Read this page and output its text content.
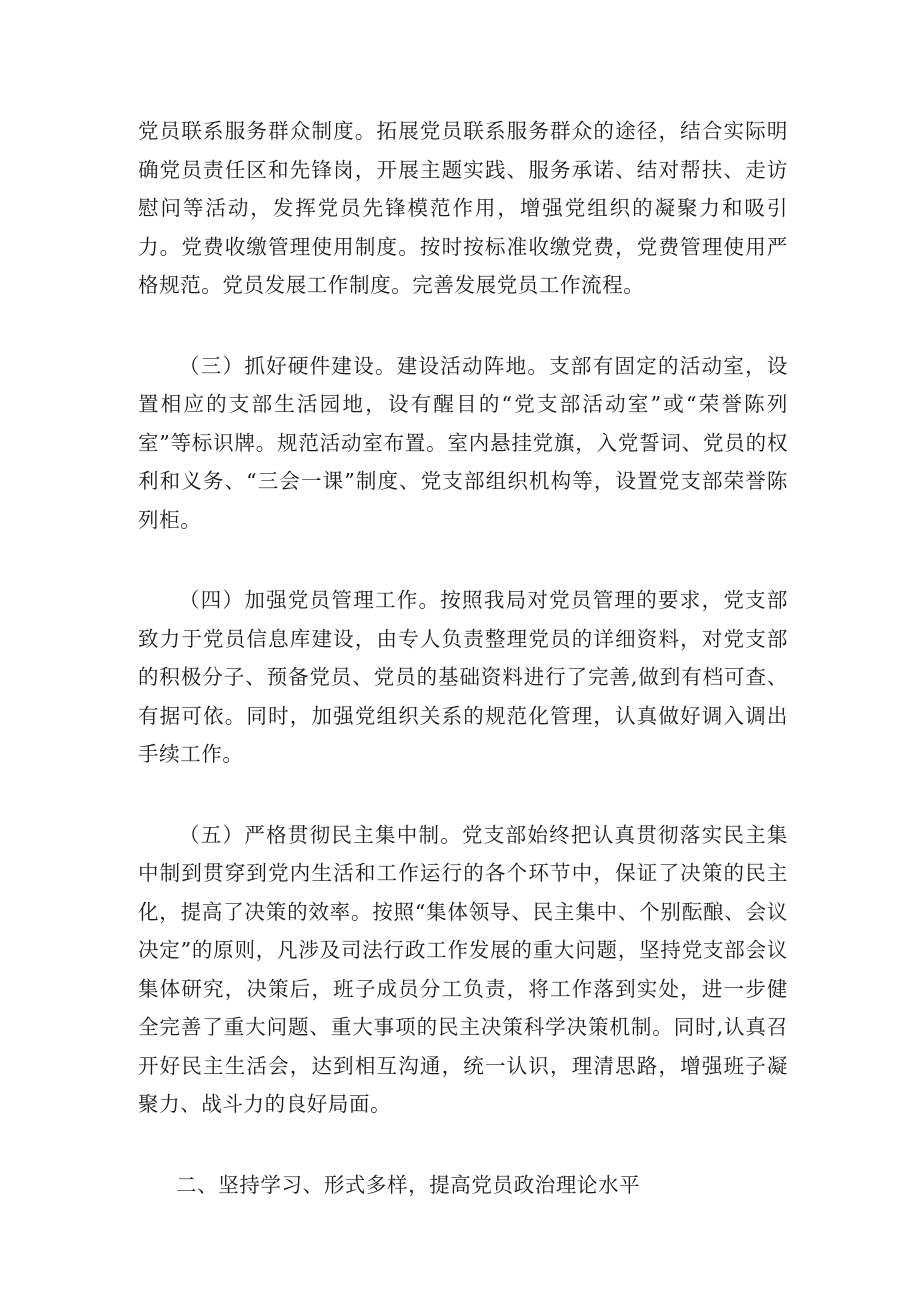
党员联系服务群众制度。拓展党员联系服务群众的途径，结合实际明确党员责任区和先锋岗，开展主题实践、服务承诺、结对帮扶、走访慰问等活动，发挥党员先锋模范作用，增强党组织的凝聚力和吸引力。党费收缴管理使用制度。按时按标准收缴党费，党费管理使用严格规范。党员发展工作制度。完善发展党员工作流程。

（三）抓好硬件建设。建设活动阵地。支部有固定的活动室，设置相应的支部生活园地，设有醒目的“党支部活动室”或“荣誉陈列室”等标识牌。规范活动室布置。室内悬挂党旗，入党誓词、党员的权利和义务、“三会一课”制度、党支部组织机构等，设置党支部荣誉陈列柜。

（四）加强党员管理工作。按照我局对党员管理的要求，党支部致力于党员信息库建设，由专人负责整理党员的详细资料，对党支部的积极分子、预备党员、党员的基础资料进行了完善,做到有档可查、有据可依。同时，加强党组织关系的规范化管理，认真做好调入调出手续工作。

（五）严格贯彻民主集中制。党支部始终把认真贯彻落实民主集中制到贯穿到党内生活和工作运行的各个环节中，保证了决策的民主化，提高了决策的效率。按照“集体领导、民主集中、个别酝酿、会议决定”的原则，凡涉及司法行政工作发展的重大问题，坚持党支部会议集体研究，决策后，班子成员分工负责，将工作落到实处，进一步健全完善了重大问题、重大事项的民主决策科学决策机制。同时,认真召开好民主生活会，达到相互沟通，统一认识，理清思路，增强班子凝聚力、战斗力的良好局面。

二、坚持学习、形式多样，提高党员政治理论水平
